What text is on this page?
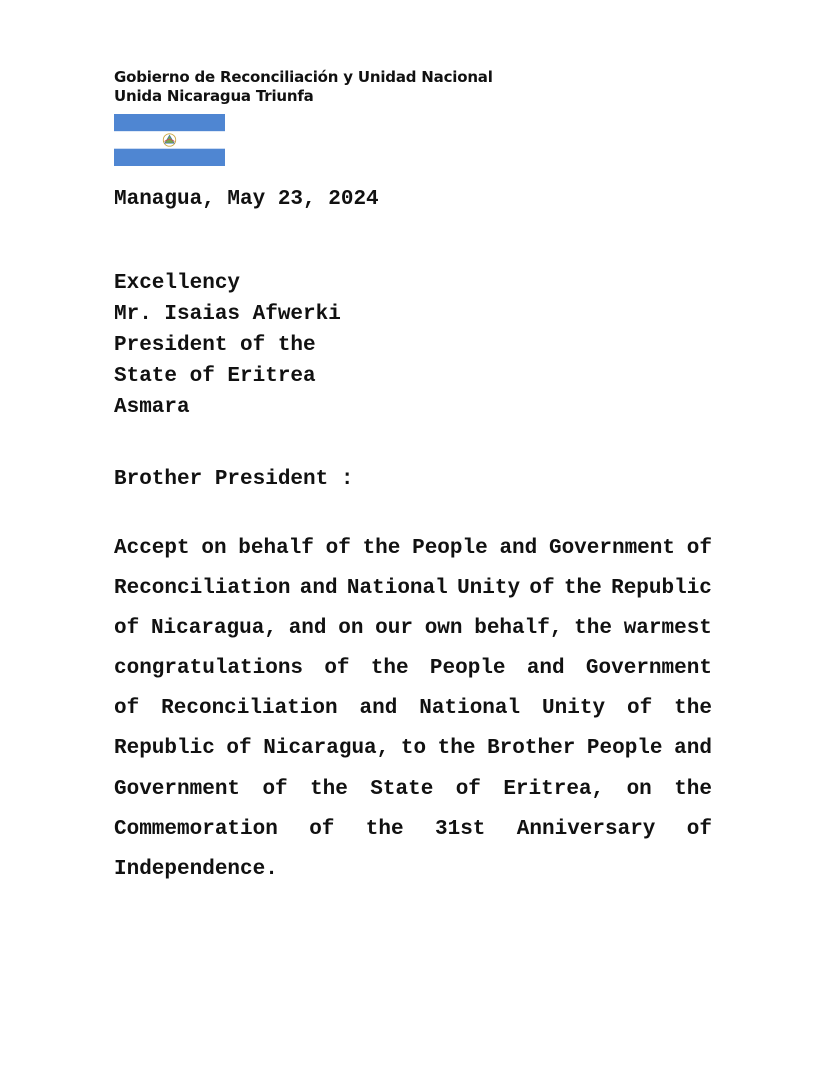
Gobierno de Reconciliación y Unidad Nacional
Unida Nicaragua Triunfa
Managua, May 23, 2024
Excellency
Mr. Isaias Afwerki
President of the
State of Eritrea
Asmara
Brother President :
Accept on behalf of the People and Government of
Reconciliation and National Unity of the Republic
of Nicaragua, and on our own behalf, the warmest
congratulations of the People and Government
of Reconciliation and National Unity of the
Republic of Nicaragua, to the Brother People and
Government of the State of Eritrea, on the
Commemoration of the 31st Anniversary of
Independence.
